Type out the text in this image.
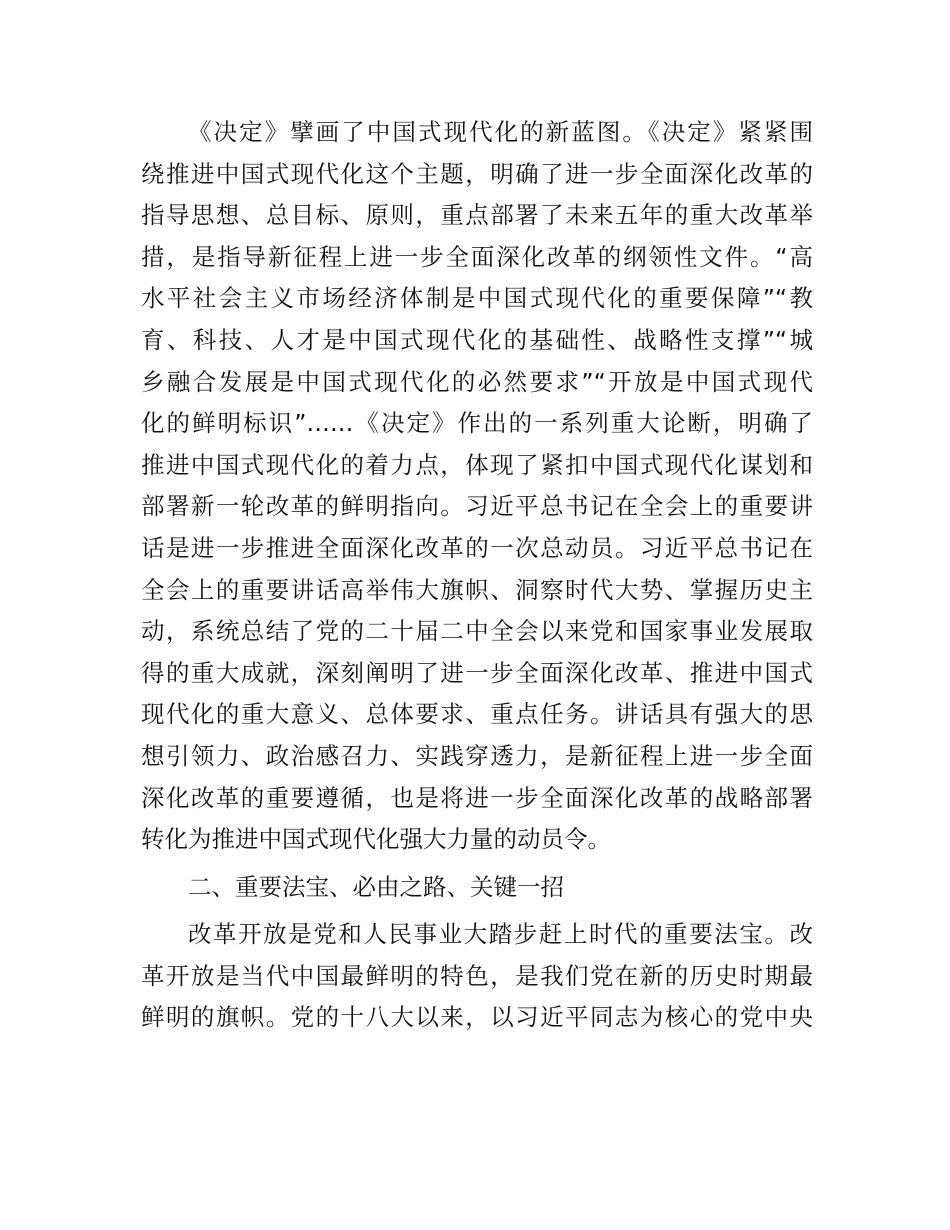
《决定》擘画了中国式现代化的新蓝图。《决定》紧紧围
绕推进中国式现代化这个主题，明确了进一步全面深化改革的
指导思想、总目标、原则，重点部署了未来五年的重大改革举
措，是指导新征程上进一步全面深化改革的纲领性文件。“高
水平社会主义市场经济体制是中国式现代化的重要保障”“教
育、科技、人才是中国式现代化的基础性、战略性支撑”“城
乡融合发展是中国式现代化的必然要求”“开放是中国式现代
化的鲜明标识”……《决定》作出的一系列重大论断，明确了
推进中国式现代化的着力点，体现了紧扣中国式现代化谋划和
部署新一轮改革的鲜明指向。习近平总书记在全会上的重要讲
话是进一步推进全面深化改革的一次总动员。习近平总书记在
全会上的重要讲话高举伟大旗帜、洞察时代大势、掌握历史主
动，系统总结了党的二十届二中全会以来党和国家事业发展取
得的重大成就，深刻阐明了进一步全面深化改革、推进中国式
现代化的重大意义、总体要求、重点任务。讲话具有强大的思
想引领力、政治感召力、实践穿透力，是新征程上进一步全面
深化改革的重要遵循，也是将进一步全面深化改革的战略部署
转化为推进中国式现代化强大力量的动员令。
二、重要法宝、必由之路、关键一招
改革开放是党和人民事业大踏步赶上时代的重要法宝。改
革开放是当代中国最鲜明的特色，是我们党在新的历史时期最
鲜明的旗帜。党的十八大以来，以习近平同志为核心的党中央
